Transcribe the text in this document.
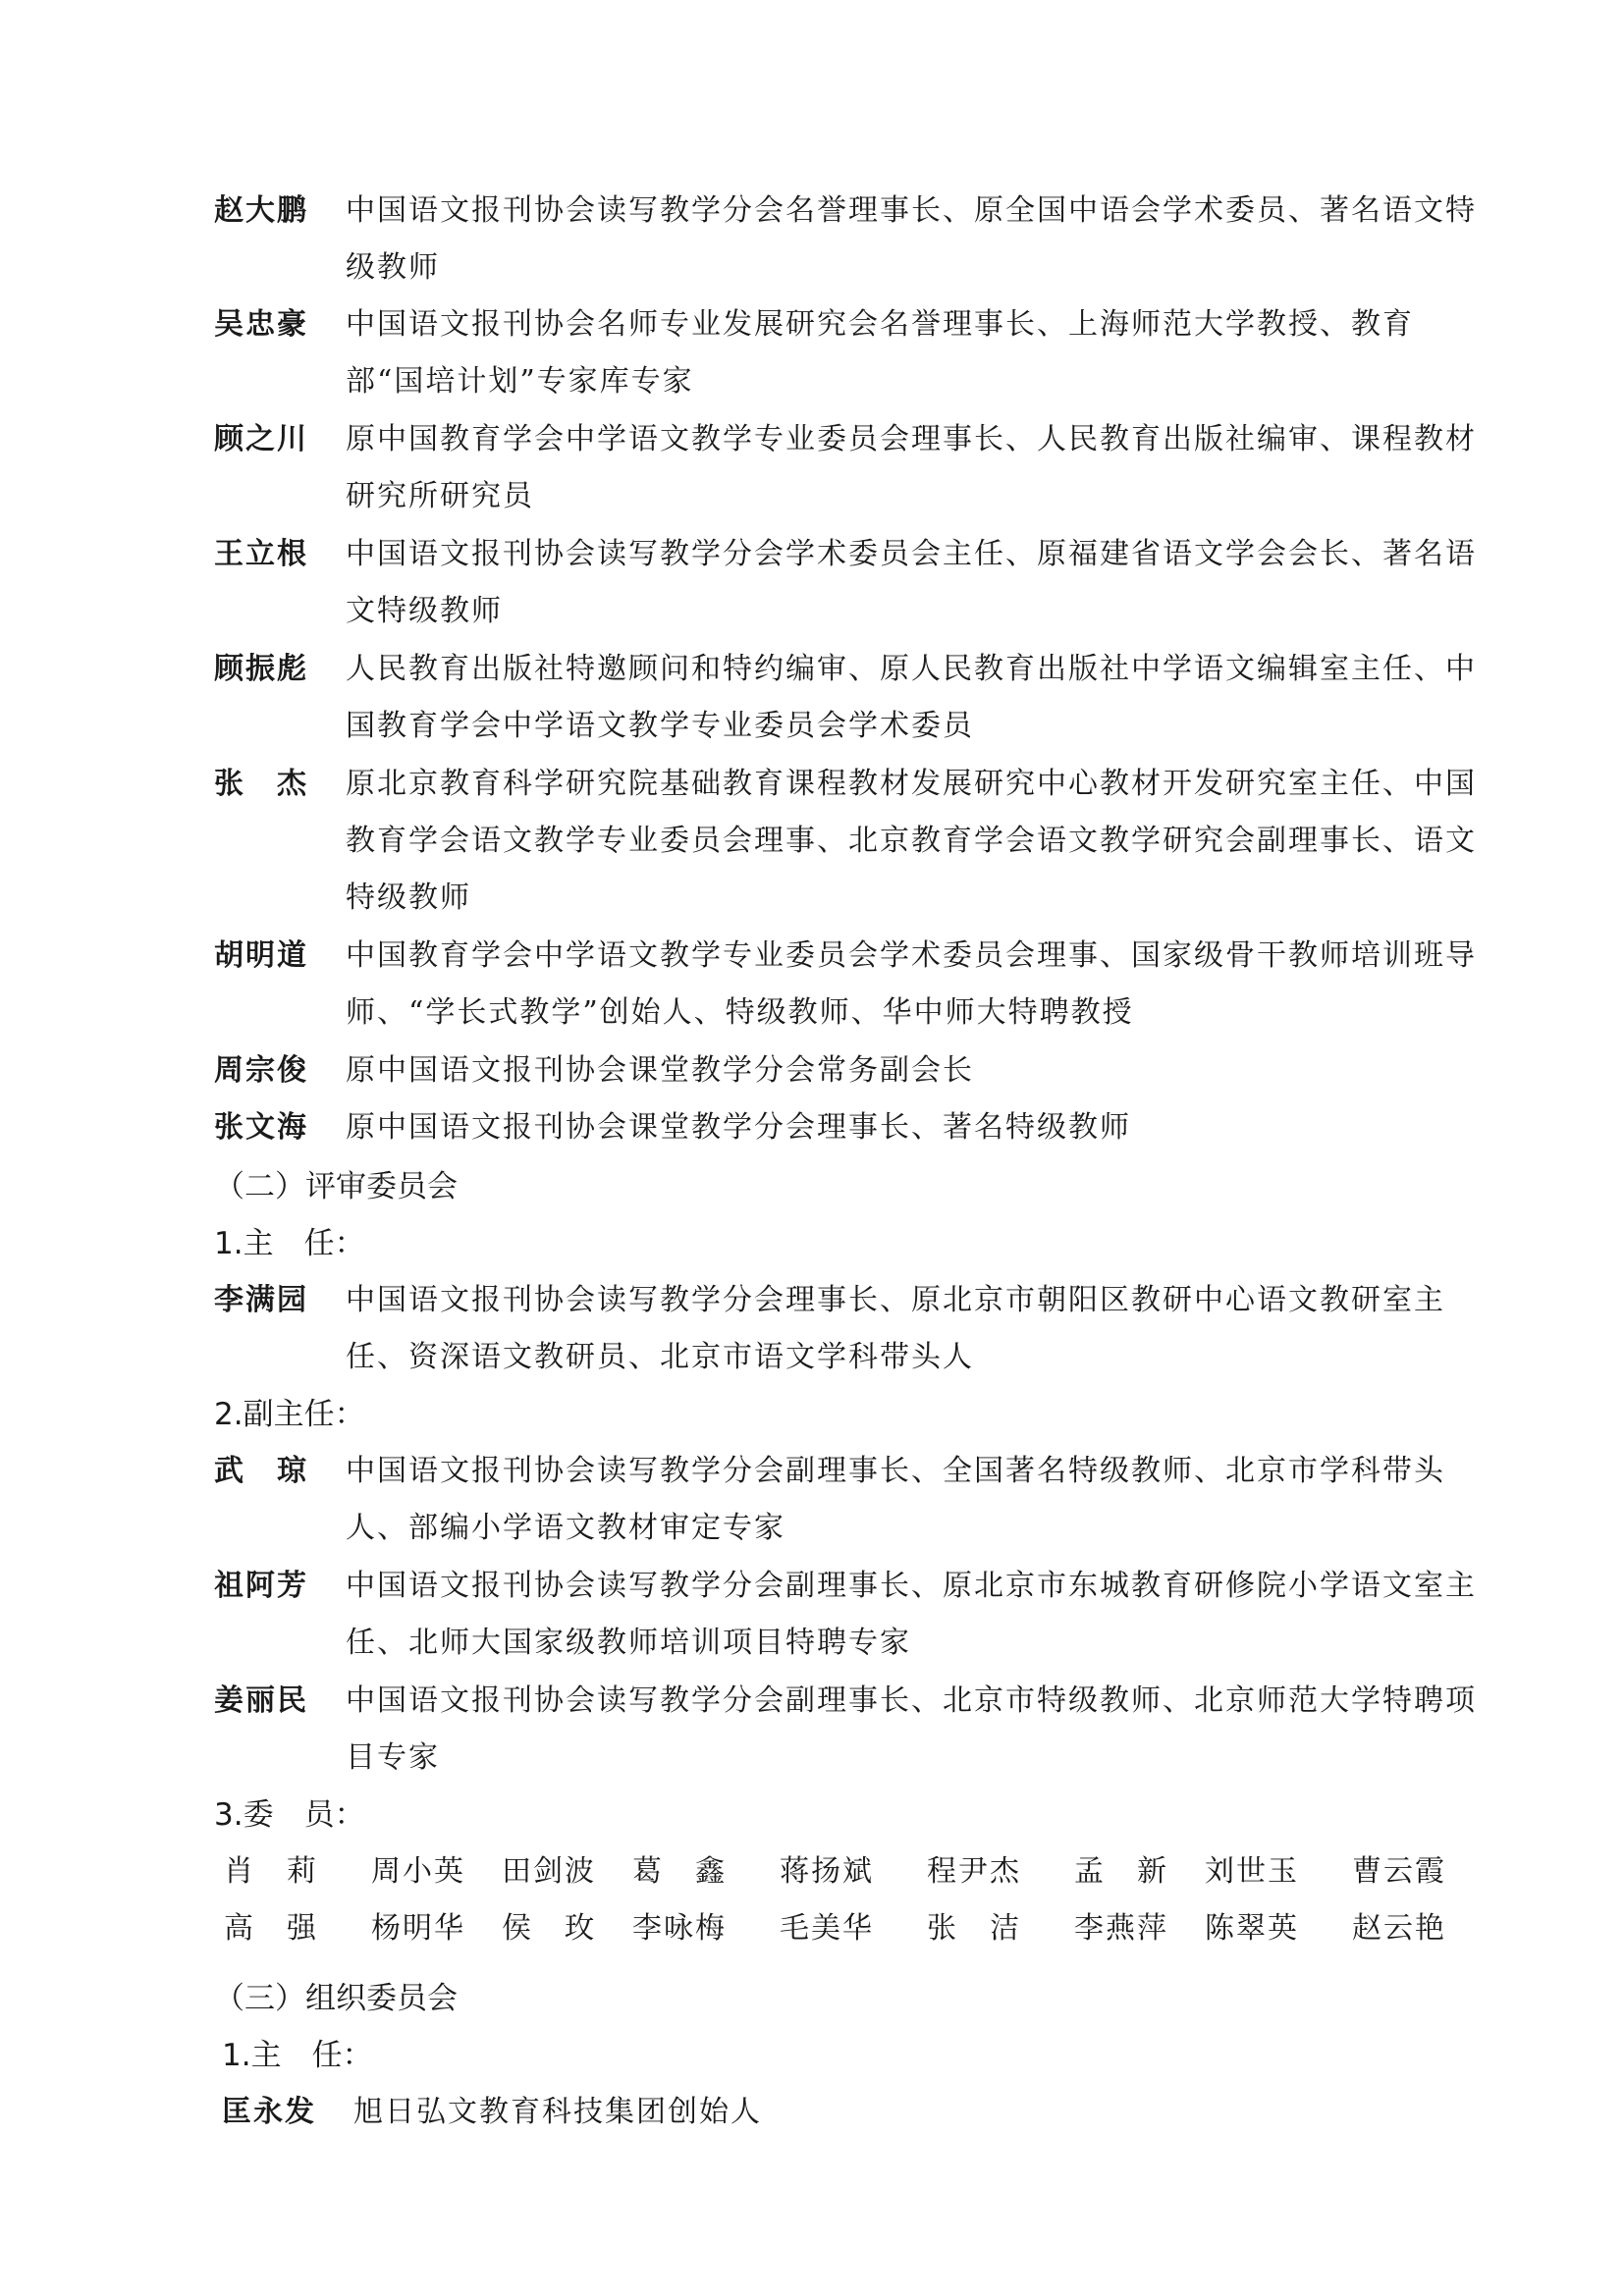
赵大鹏	中国语文报刊协会读写教学分会名誉理事长、原全国中语会学术委员、著名语文特级教师
吴忠豪	中国语文报刊协会名师专业发展研究会名誉理事长、上海师范大学教授、教育部“国培计划”专家库专家
顾之川	原中国教育学会中学语文教学专业委员会理事长、人民教育出版社编审、课程教材研究所研究员
王立根	中国语文报刊协会读写教学分会学术委员会主任、原福建省语文学会会长、著名语文特级教师
顾振彪	人民教育出版社特邀顾问和特约编审、原人民教育出版社中学语文编辑室主任、中国教育学会中学语文教学专业委员会学术委员
张　杰	原北京教育科学研究院基础教育课程教材发展研究中心教材开发研究室主任、中国教育学会语文教学专业委员会理事、北京教育学会语文教学研究会副理事长、语文特级教师
胡明道	中国教育学会中学语文教学专业委员会学术委员会理事、国家级骨干教师培训班导师、“学长式教学”创始人、特级教师、华中师大特聘教授
周宗俊	原中国语文报刊协会课堂教学分会常务副会长
张文海	原中国语文报刊协会课堂教学分会理事长、著名特级教师
（二）评审委员会
1.主　任：
李满园	中国语文报刊协会读写教学分会理事长、原北京市朝阳区教研中心语文教研室主任、资深语文教研员、北京市语文学科带头人
2.副主任：
武　琼	中国语文报刊协会读写教学分会副理事长、全国著名特级教师、北京市学科带头人、部编小学语文教材审定专家
祖阿芳	中国语文报刊协会读写教学分会副理事长、原北京市东城教育研修院小学语文室主任、北师大国家级教师培训项目特聘专家
姜丽民	中国语文报刊协会读写教学分会副理事长、北京市特级教师、北京师范大学特聘项目专家
3.委　员：
肖　莉	周小英	田剑波	葛　鑫	蒋扬斌	程尹杰	孟　新	刘世玉	曹云霞
高　强	杨明华	侯　玫	李咏梅	毛美华	张　洁	李燕萍	陈翠英	赵云艳
（三）组织委员会
1.主　任：
匡永发	旭日弘文教育科技集团创始人
